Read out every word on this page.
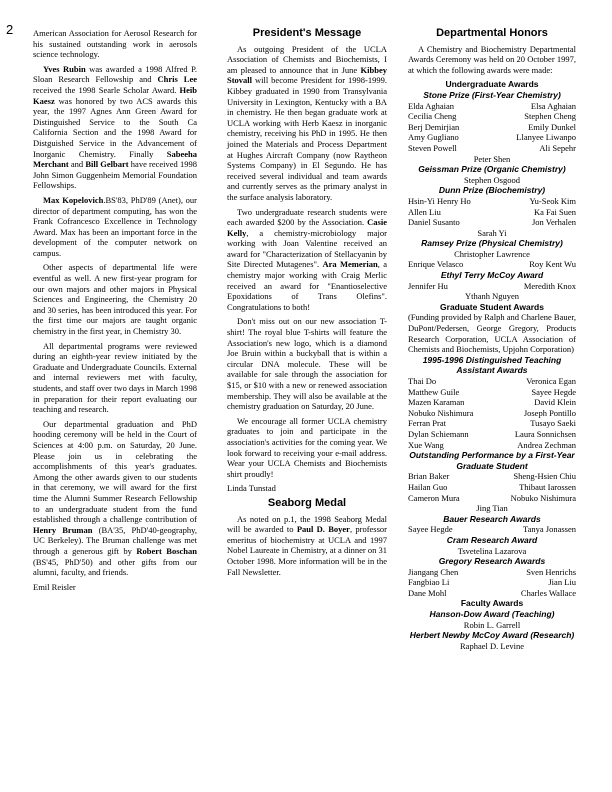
2 American Association for Aerosol Research for his sustained outstanding work in aerosols science technology.

Yves Rubin was awarded a 1998 Alfred P. Sloan Research Fellowship and Chris Lee received the 1998 Searle Scholar Award. Heib Kaesz was honored by two ACS awards this year, the 1997 Agnes Ann Green Award for Distinguished Service to the South Ca California Section and the 1998 Award for Distguished Service in the Advancement of Inorganic Chemistry. Finally Sabeeha Merchant and Bill Gelbart have received 1998 John Simon Guggenheim Memorial Foundation Fellowships.

Max Kopelovich.BS'83, PhD'89 (Anet), our director of department computing, has won the Frank Cofrancesco Excellence in Technology Award. Max has been an important force in the development of the computer network on campus.

Other aspects of departmental life were eventful as well. A new first-year program for our own majors and other majors in Physical Sciences and Engineering, the Chemistry 20 and 30 series, has been introduced this year. For the first time our majors are taught organic chemistry in the first year, in Chemistry 30.

All departmental programs were reviewed during an eighth-year review initiated by the Graduate and Undergraduate Councils. External and internal reviewers met with faculty, students, and staff over two days in March 1998 in preparation for their report evaluating our teaching and research.

Our departmental graduation and PhD hooding ceremony will be held in the Court of Sciences at 4:00 p.m. on Saturday, 20 June. Please join us in celebrating the accomplishments of this year's graduates. Among the other awards given to our students in that ceremony, we will award for the first time the Alumni Summer Research Fellowship to an undergraduate student from the fund established through a challenge contribution of Henry Bruman (BA'35, PhD'40-geography, UC Berkeley). The Bruman challenge was met through a generous gift by Robert Boschan (BS'45, PhD'50) and other gifts from our alumni, faculty, and friends.

Emil Reisler

President's Message

As outgoing President of the UCLA Association of Chemists and Biochemists, I am pleased to announce that in June Kibbey Stovall will become President for 1998-1999. Kibbey graduated in 1990 from Transylvania University in Lexington, Kentucky with a BA in chemistry. He then began graduate work at UCLA working with Herb Kaesz in inorganic chemistry, receiving his PhD in 1995. He then joined the Materials and Process Department at Hughes Aircraft Company (now Raytheon Systems Company) in El Segundo. He has received several individual and team awards and currently serves as the primary analyst in the surface analysis laboratory.

Two undergraduate research students were each awarded $200 by the Association. Casie Kelly, a chemistry-microbiology major working with Joan Valentine received an award for "Characterization of Stellacyanin by Site Directed Mutagenes". Ara Memerian, a chemistry major working with Craig Merlic received an award for "Enantioselective Epoxidations of Trans Olefins". Congratulations to both!

Don't miss out on our new association T-shirt! The royal blue T-shirts will feature the Association's new logo, which is a diamond Joe Bruin within a buckyball that is within a circular DNA molecule. These will be available for sale through the association for $15, or $10 with a new or renewed association membership. They will also be available at the chemistry graduation on Saturday, 20 June.

We encourage all former UCLA chemistry graduates to join and participate in the association's activities for the coming year. We look forward to receiving your e-mail address. Wear your UCLA Chemists and Biochemists shirt proudly!

Linda Tunstad

Seaborg Medal

As noted on p.1, the 1998 Seaborg Medal will be awarded to Paul D. Boyer, professor emeritus of biochemistry at UCLA and 1997 Nobel Laureate in Chemistry, at a dinner on 31 October 1998. More information will be in the Fall Newsletter.

Departmental Honors

A Chemistry and Biochemistry Departmental Awards Ceremony was held on 20 October 1997, at which the following awards were made:

Undergraduate Awards
Stone Prize (First-Year Chemistry)
Elda Aghaian	Elsa Aghaian
Cecilia Cheng	Stephen Cheng
Berj Demirjian	Emily Dunkel
Amy Gugliano	Llanyee Liwanpo
Steven Powell	Ali Sepehr
Peter Shen
Geissman Prize (Organic Chemistry)
Stephen Osgood
Dunn Prize (Biochemistry)
Hsin-Yi Henry Ho	Yu-Seok Kim
Allen Liu	Ka Fai Suen
Daniel Susanto	Jon Verhalen
Sarah Yi
Ramsey Prize (Physical Chemistry)
Christopher Lawrence
Enrique Velasco	Roy Kent Wu
Ethyl Terry McCoy Award
Jennifer Hu	Meredith Knox
Ythanh Nguyen
Graduate Student Awards
(Funding provided by Ralph and Charlene Bauer, DuPont/Pedersen, George Gregory, Products Research Corporation, UCLA Association of Chemists and Biochemists, Upjohn Corporation)
1995-1996 Distinguished Teaching Assistant Awards
Thai Do	Veronica Egan
Matthew Guile	Sayee Hegde
Mazen Karaman	David Klein
Nobuko Nishimura	Joseph Pontillo
Ferran Prat	Tusayo Saeki
Dylan Schiemann	Laura Sonnichsen
Xue Wang	Andrea Zechman
Outstanding Performance by a First-Year Graduate Student
Brian Baker	Sheng-Hsien Chiu
Hailan Guo	Thibaut Iarossen
Cameron Mura	Nobuko Nishimura
Jing Tian
Bauer Research Awards
Sayee Hegde	Tanya Jonassen
Cram Research Award
Tsvetelina Lazarova
Gregory Research Awards
Jiangang Chen	Sven Henrichs
Fangbiao Li	Jian Liu
Dane Mohl	Charles Wallace
Faculty Awards
Hanson-Dow Award (Teaching)
Robin L. Garrell
Herbert Newby McCoy Award (Research)
Raphael D. Levine
